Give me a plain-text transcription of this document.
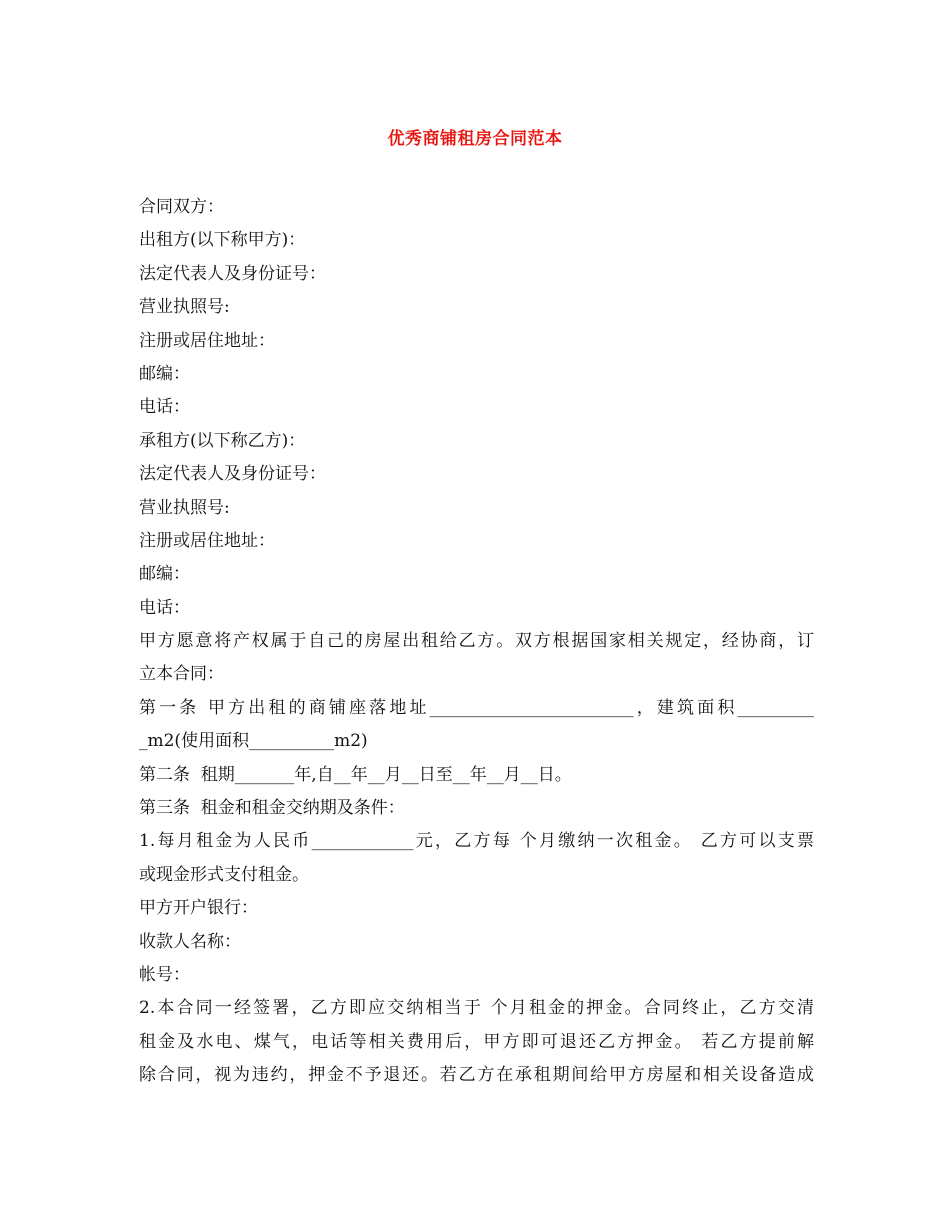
优秀商铺租房合同范本
合同双方：
出租方(以下称甲方)：
法定代表人及身份证号：
营业执照号:
注册或居住地址：
邮编：
电话：
承租方(以下称乙方)：
法定代表人及身份证号：
营业执照号:
注册或居住地址：
邮编：
电话：
甲方愿意将产权属于自己的房屋出租给乙方。双方根据国家相关规定，经协商，订
立本合同：
第一条 甲方出租的商铺座落地址________________________，建筑面积_________
_m2(使用面积__________m2)
第二条  租期_______年,自__年__月__日至__年__月__日。
第三条  租金和租金交纳期及条件：
1.每月租金为人民币____________元，乙方每 个月缴纳一次租金。 乙方可以支票
或现金形式支付租金。
甲方开户银行：
收款人名称：
帐号：
2.本合同一经签署，乙方即应交纳相当于 个月租金的押金。合同终止，乙方交清
租金及水电、煤气，电话等相关费用后，甲方即可退还乙方押金。 若乙方提前解
除合同，视为违约，押金不予退还。若乙方在承租期间给甲方房屋和相关设备造成
